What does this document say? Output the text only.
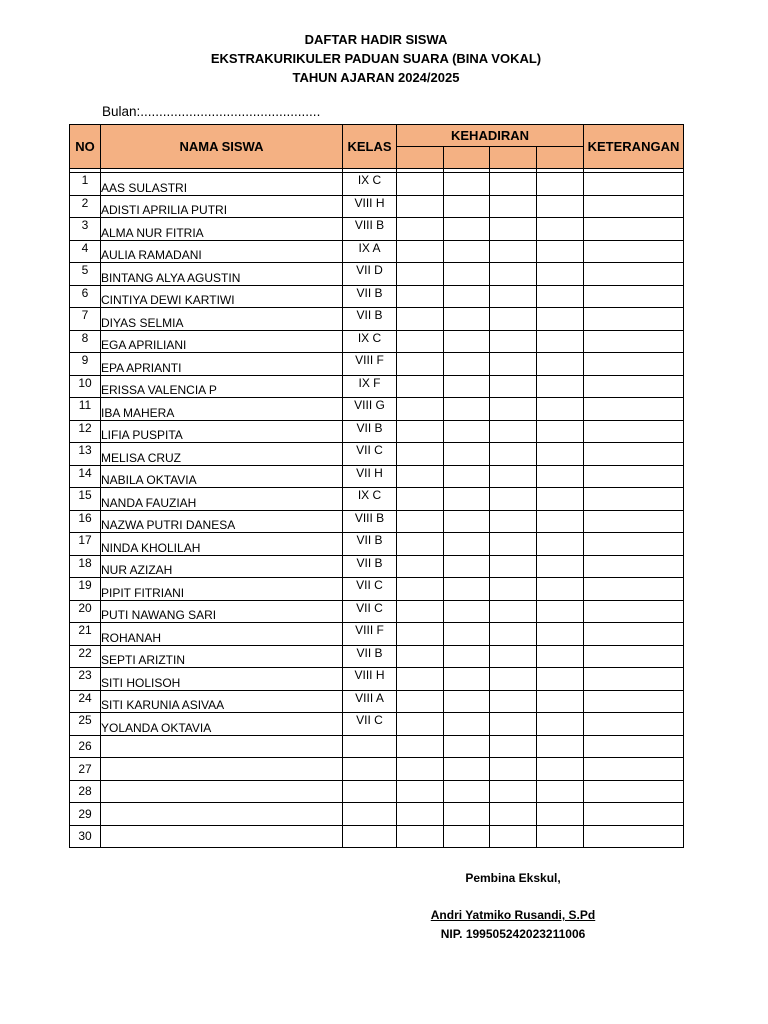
DAFTAR HADIR SISWA
EKSTRAKURIKULER PADUAN SUARA (BINA VOKAL)
TAHUN AJARAN 2024/2025
Bulan:................................................
NO	NAMA SISWA	KELAS	KEHADIRAN				KETERANGAN

1	AAS SULASTRI	IX C					
2	ADISTI APRILIA PUTRI	VIII H					
3	ALMA NUR FITRIA	VIII B					
4	AULIA RAMADANI	IX A					
5	BINTANG ALYA AGUSTIN	VII D					
6	CINTIYA DEWI KARTIWI	VII B					
7	DIYAS SELMIA	VII B					
8	EGA APRILIANI	IX C					
9	EPA APRIANTI	VIII F					
10	ERISSA VALENCIA P	IX F					
11	IBA MAHERA	VIII G					
12	LIFIA PUSPITA	VII B					
13	MELISA CRUZ	VII C					
14	NABILA OKTAVIA	VII H					
15	NANDA FAUZIAH	IX C					
16	NAZWA PUTRI DANESA	VIII B					
17	NINDA KHOLILAH	VII B					
18	NUR AZIZAH	VII B					
19	PIPIT FITRIANI	VII C					
20	PUTI NAWANG SARI	VII C					
21	ROHANAH	VIII F					
22	SEPTI ARIZTIN	VII B					
23	SITI HOLISOH	VIII H					
24	SITI KARUNIA ASIVAA	VIII A					
25	YOLANDA OKTAVIA	VII C					
26							
27							
28							
29							
30							
Pembina Ekskul,
Andri Yatmiko Rusandi, S.Pd
NIP. 199505242023211006
